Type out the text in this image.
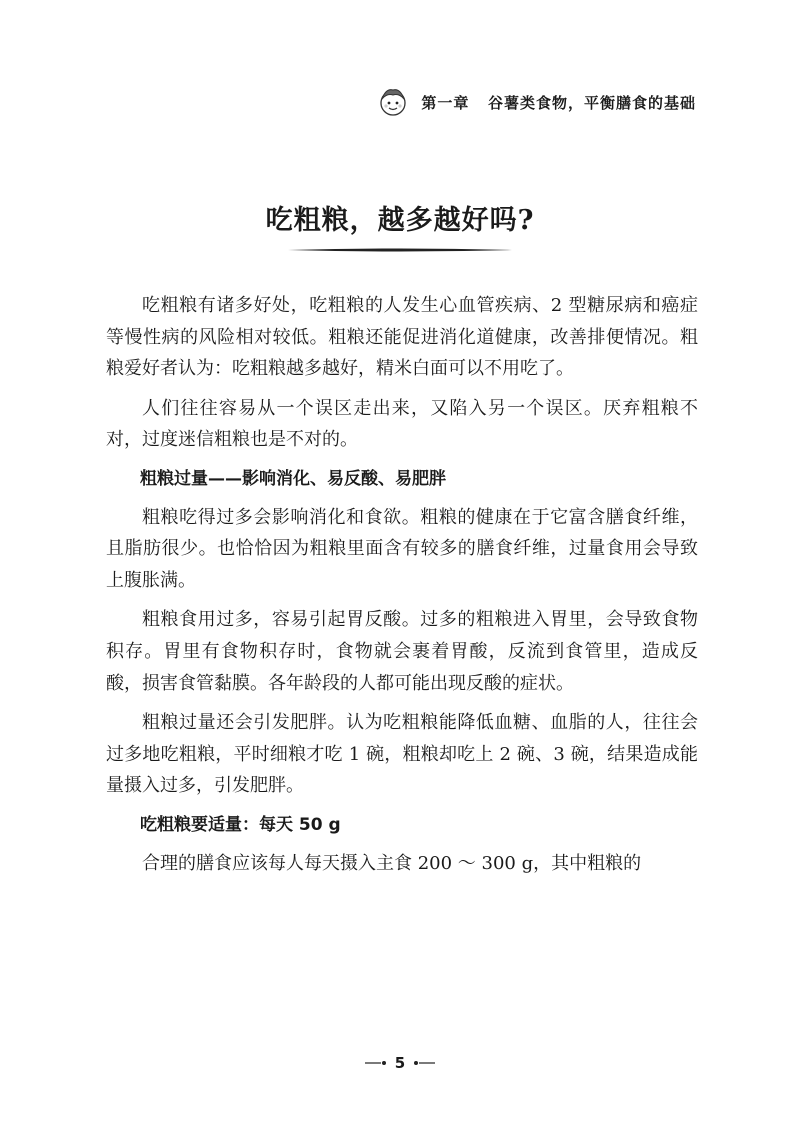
第一章   谷薯类食物，平衡膳食的基础
吃粗粮，越多越好吗?

吃粗粮有诸多好处，吃粗粮的人发生心血管疾病、2 型糖尿病和癌症等慢性病的风险相对较低。粗粮还能促进消化道健康，改善排便情况。粗粮爱好者认为：吃粗粮越多越好，精米白面可以不用吃了。

人们往往容易从一个误区走出来，又陷入另一个误区。厌弃粗粮不对，过度迷信粗粮也是不对的。

粗粮过量——影响消化、易反酸、易肥胖

粗粮吃得过多会影响消化和食欲。粗粮的健康在于它富含膳食纤维，且脂肪很少。也恰恰因为粗粮里面含有较多的膳食纤维，过量食用会导致上腹胀满。

粗粮食用过多，容易引起胃反酸。过多的粗粮进入胃里，会导致食物积存。胃里有食物积存时，食物就会裹着胃酸，反流到食管里，造成反酸，损害食管黏膜。各年龄段的人都可能出现反酸的症状。

粗粮过量还会引发肥胖。认为吃粗粮能降低血糖、血脂的人，往往会过多地吃粗粮，平时细粮才吃 1 碗，粗粮却吃上 2 碗、3 碗，结果造成能量摄入过多，引发肥胖。

吃粗粮要适量：每天 50 g

合理的膳食应该每人每天摄入主食 200 ～ 300 g，其中粗粮的

5
